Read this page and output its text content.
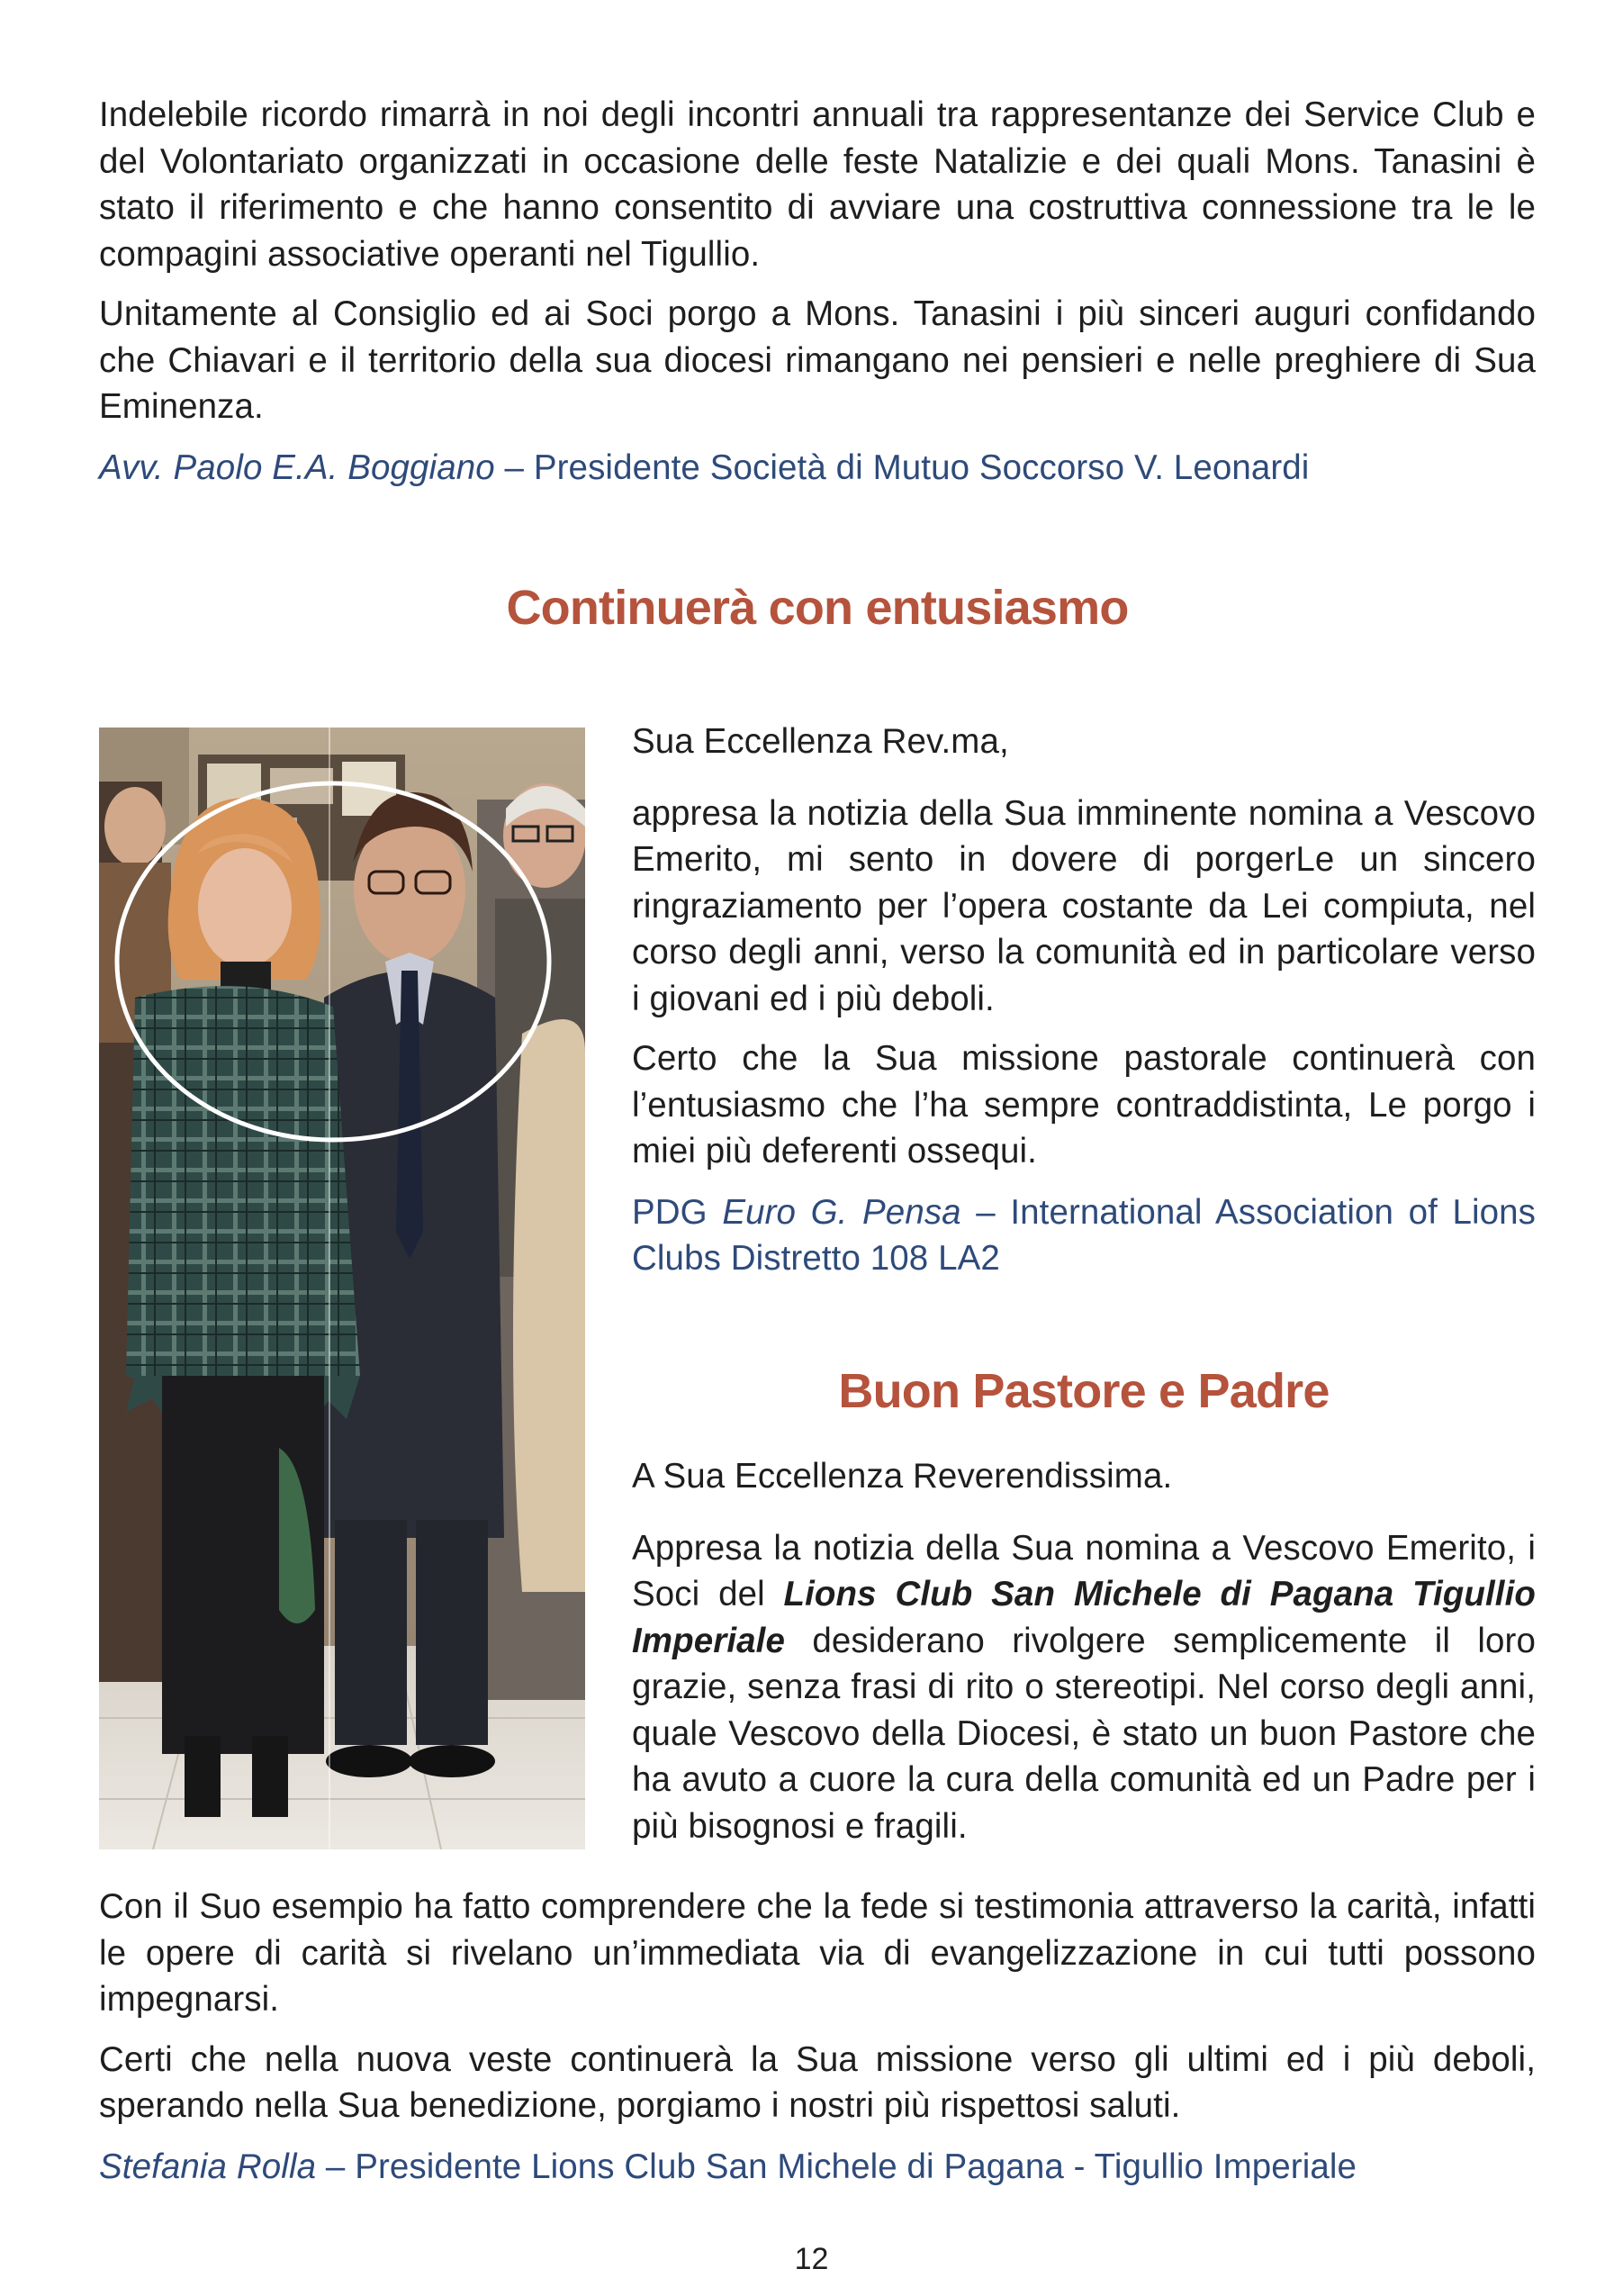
Indelebile ricordo rimarrà in noi degli incontri annuali tra rappresentanze dei Service Club e del Volontariato organizzati in occasione delle feste Natalizie e dei quali Mons. Tanasini è stato il riferimento e che hanno consentito di avviare una costruttiva connessione tra le le compagini associative operanti nel Tigullio.

Unitamente al Consiglio ed ai Soci porgo a Mons. Tanasini i più sinceri auguri confidando che Chiavari e il territorio della sua diocesi rimangano nei pensieri e nelle preghiere di Sua Eminenza.

Avv. Paolo E.A. Boggiano – Presidente Società di Mutuo Soccorso V. Leonardi

Continuerà con entusiasmo

Sua Eccellenza Rev.ma,

appresa la notizia della Sua imminente nomina a Vescovo Emerito, mi sento in dovere di porgerLe un sincero ringraziamento per l’opera costante da Lei compiuta, nel corso degli anni, verso la comunità ed in particolare verso i giovani ed i più deboli.

Certo che la Sua missione pastorale continuerà con l’entusiasmo che l’ha sempre contraddistinta, Le porgo i miei più deferenti ossequi.

PDG Euro G. Pensa – International Association of Lions Clubs Distretto 108 LA2

Buon Pastore e Padre

A Sua Eccellenza Reverendissima.

Appresa la notizia della Sua nomina a Vescovo Emerito, i Soci del Lions Club San Michele di Pagana Tigullio Imperiale desiderano rivolgere semplicemente il loro grazie, senza frasi di rito o stereotipi. Nel corso degli anni, quale Vescovo della Diocesi, è stato un buon Pastore che ha avuto a cuore la cura della comunità ed un Padre per i più bisognosi e fragili.

Con il Suo esempio ha fatto comprendere che la fede si testimonia attraverso la carità, infatti le opere di carità si rivelano un’immediata via di evangelizzazione in cui tutti possono impegnarsi.

Certi che nella nuova veste continuerà la Sua missione verso gli ultimi ed i più deboli, sperando nella Sua benedizione, porgiamo i nostri più rispettosi saluti.

Stefania Rolla – Presidente Lions Club San Michele di Pagana - Tigullio Imperiale

12
